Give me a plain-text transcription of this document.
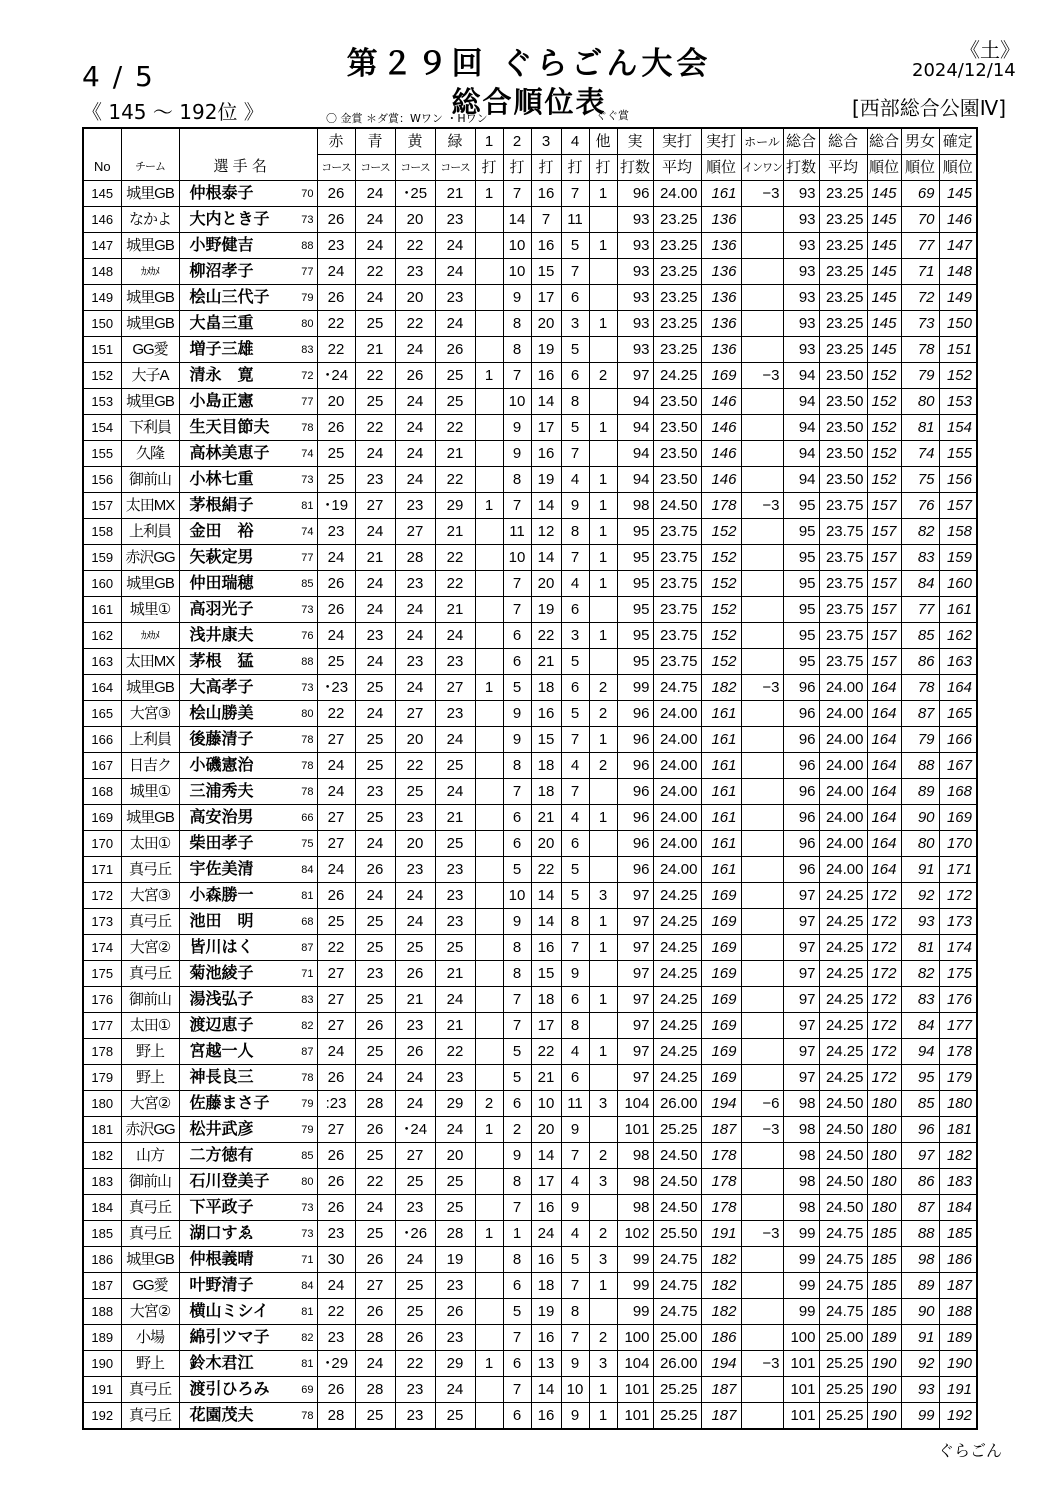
4 / 5
《 145 ～ 192位 》
第２９回 ぐらごん大会
総合順位表
ぐぐ賞
《土》
2024/12/14
[西部総合公園Ⅳ]
〇 金賞 ＊ダ賞：Wワン ・Hワン
				赤	青	黄	緑	1	2	3	4	他	実	実打	実打	ホール	総合	総合	総合	男女	確定
No	チーム	選 手 名		コース	コース	コース	コース	打	打	打	打	打	打数	平均	順位	インワン	打数	平均	順位	順位	順位
145	城里GB	仲根泰子	70	26	24	･25	21	1	7	16	7	1	96	24.00	161	−3	93	23.25	145	69	145
146	なかよ	大内とき子	73	26	24	20	23		14	7	11		93	23.25	136		93	23.25	145	70	146
147	城里GB	小野健吉	88	23	24	22	24		10	16	5	1	93	23.25	136		93	23.25	145	77	147
148	ｶﾒｶﾒ	柳沼孝子	77	24	22	23	24		10	15	7		93	23.25	136		93	23.25	145	71	148
149	城里GB	桧山三代子	79	26	24	20	23		9	17	6		93	23.25	136		93	23.25	145	72	149
150	城里GB	大畠三重	80	22	25	22	24		8	20	3	1	93	23.25	136		93	23.25	145	73	150
151	GG愛	増子三雄	83	22	21	24	26		8	19	5		93	23.25	136		93	23.25	145	78	151
152	大子A	清永　寛	72	･24	22	26	25	1	7	16	6	2	97	24.25	169	−3	94	23.50	152	79	152
153	城里GB	小島正憲	77	20	25	24	25		10	14	8		94	23.50	146		94	23.50	152	80	153
154	下利員	生天目節夫	78	26	22	24	22		9	17	5	1	94	23.50	146		94	23.50	152	81	154
155	久隆	高林美恵子	74	25	24	24	21		9	16	7		94	23.50	146		94	23.50	152	74	155
156	御前山	小林七重	73	25	23	24	22		8	19	4	1	94	23.50	146		94	23.50	152	75	156
157	太田MX	茅根絹子	81	･19	27	23	29	1	7	14	9	1	98	24.50	178	−3	95	23.75	157	76	157
158	上利員	金田　裕	74	23	24	27	21		11	12	8	1	95	23.75	152		95	23.75	157	82	158
159	赤沢GG	矢萩定男	77	24	21	28	22		10	14	7	1	95	23.75	152		95	23.75	157	83	159
160	城里GB	仲田瑞穂	85	26	24	23	22		7	20	4	1	95	23.75	152		95	23.75	157	84	160
161	城里①	高羽光子	73	26	24	24	21		7	19	6		95	23.75	152		95	23.75	157	77	161
162	ｶﾒｶﾒ	浅井康夫	76	24	23	24	24		6	22	3	1	95	23.75	152		95	23.75	157	85	162
163	太田MX	茅根　猛	88	25	24	23	23		6	21	5		95	23.75	152		95	23.75	157	86	163
164	城里GB	大高孝子	73	･23	25	24	27	1	5	18	6	2	99	24.75	182	−3	96	24.00	164	78	164
165	大宮③	桧山勝美	80	22	24	27	23		9	16	5	2	96	24.00	161		96	24.00	164	87	165
166	上利員	後藤清子	78	27	25	20	24		9	15	7	1	96	24.00	161		96	24.00	164	79	166
167	日吉ク	小磯憲治	78	24	25	22	25		8	18	4	2	96	24.00	161		96	24.00	164	88	167
168	城里①	三浦秀夫	78	24	23	25	24		7	18	7		96	24.00	161		96	24.00	164	89	168
169	城里GB	高安治男	66	27	25	23	21		6	21	4	1	96	24.00	161		96	24.00	164	90	169
170	太田①	柴田孝子	75	27	24	20	25		6	20	6		96	24.00	161		96	24.00	164	80	170
171	真弓丘	宇佐美清	84	24	26	23	23		5	22	5		96	24.00	161		96	24.00	164	91	171
172	大宮③	小森勝一	81	26	24	24	23		10	14	5	3	97	24.25	169		97	24.25	172	92	172
173	真弓丘	池田　明	68	25	25	24	23		9	14	8	1	97	24.25	169		97	24.25	172	93	173
174	大宮②	皆川はく	87	22	25	25	25		8	16	7	1	97	24.25	169		97	24.25	172	81	174
175	真弓丘	菊池綾子	71	27	23	26	21		8	15	9		97	24.25	169		97	24.25	172	82	175
176	御前山	湯浅弘子	83	27	25	21	24		7	18	6	1	97	24.25	169		97	24.25	172	83	176
177	太田①	渡辺恵子	82	27	26	23	21		7	17	8		97	24.25	169		97	24.25	172	84	177
178	野上	宮越一人	87	24	25	26	22		5	22	4	1	97	24.25	169		97	24.25	172	94	178
179	野上	神長良三	78	26	24	24	23		5	21	6		97	24.25	169		97	24.25	172	95	179
180	大宮②	佐藤まさ子	79	:23	28	24	29	2	6	10	11	3	104	26.00	194	−6	98	24.50	180	85	180
181	赤沢GG	松井武彦	79	27	26	･24	24	1	2	20	9		101	25.25	187	−3	98	24.50	180	96	181
182	山方	二方徳有	85	26	25	27	20		9	14	7	2	98	24.50	178		98	24.50	180	97	182
183	御前山	石川登美子	80	26	22	25	25		8	17	4	3	98	24.50	178		98	24.50	180	86	183
184	真弓丘	下平政子	73	26	24	23	25		7	16	9		98	24.50	178		98	24.50	180	87	184
185	真弓丘	湖口すゑ	73	23	25	･26	28	1	1	24	4	2	102	25.50	191	−3	99	24.75	185	88	185
186	城里GB	仲根義晴	71	30	26	24	19		8	16	5	3	99	24.75	182		99	24.75	185	98	186
187	GG愛	叶野清子	84	24	27	25	23		6	18	7	1	99	24.75	182		99	24.75	185	89	187
188	大宮②	横山ミシイ	81	22	26	25	26		5	19	8		99	24.75	182		99	24.75	185	90	188
189	小場	綿引ツマ子	82	23	28	26	23		7	16	7	2	100	25.00	186		100	25.00	189	91	189
190	野上	鈴木君江	81	･29	24	22	29	1	6	13	9	3	104	26.00	194	−3	101	25.25	190	92	190
191	真弓丘	渡引ひろみ	69	26	28	23	24		7	14	10	1	101	25.25	187		101	25.25	190	93	191
192	真弓丘	花園茂夫	78	28	25	23	25		6	16	9	1	101	25.25	187		101	25.25	190	99	192
ぐらごん
